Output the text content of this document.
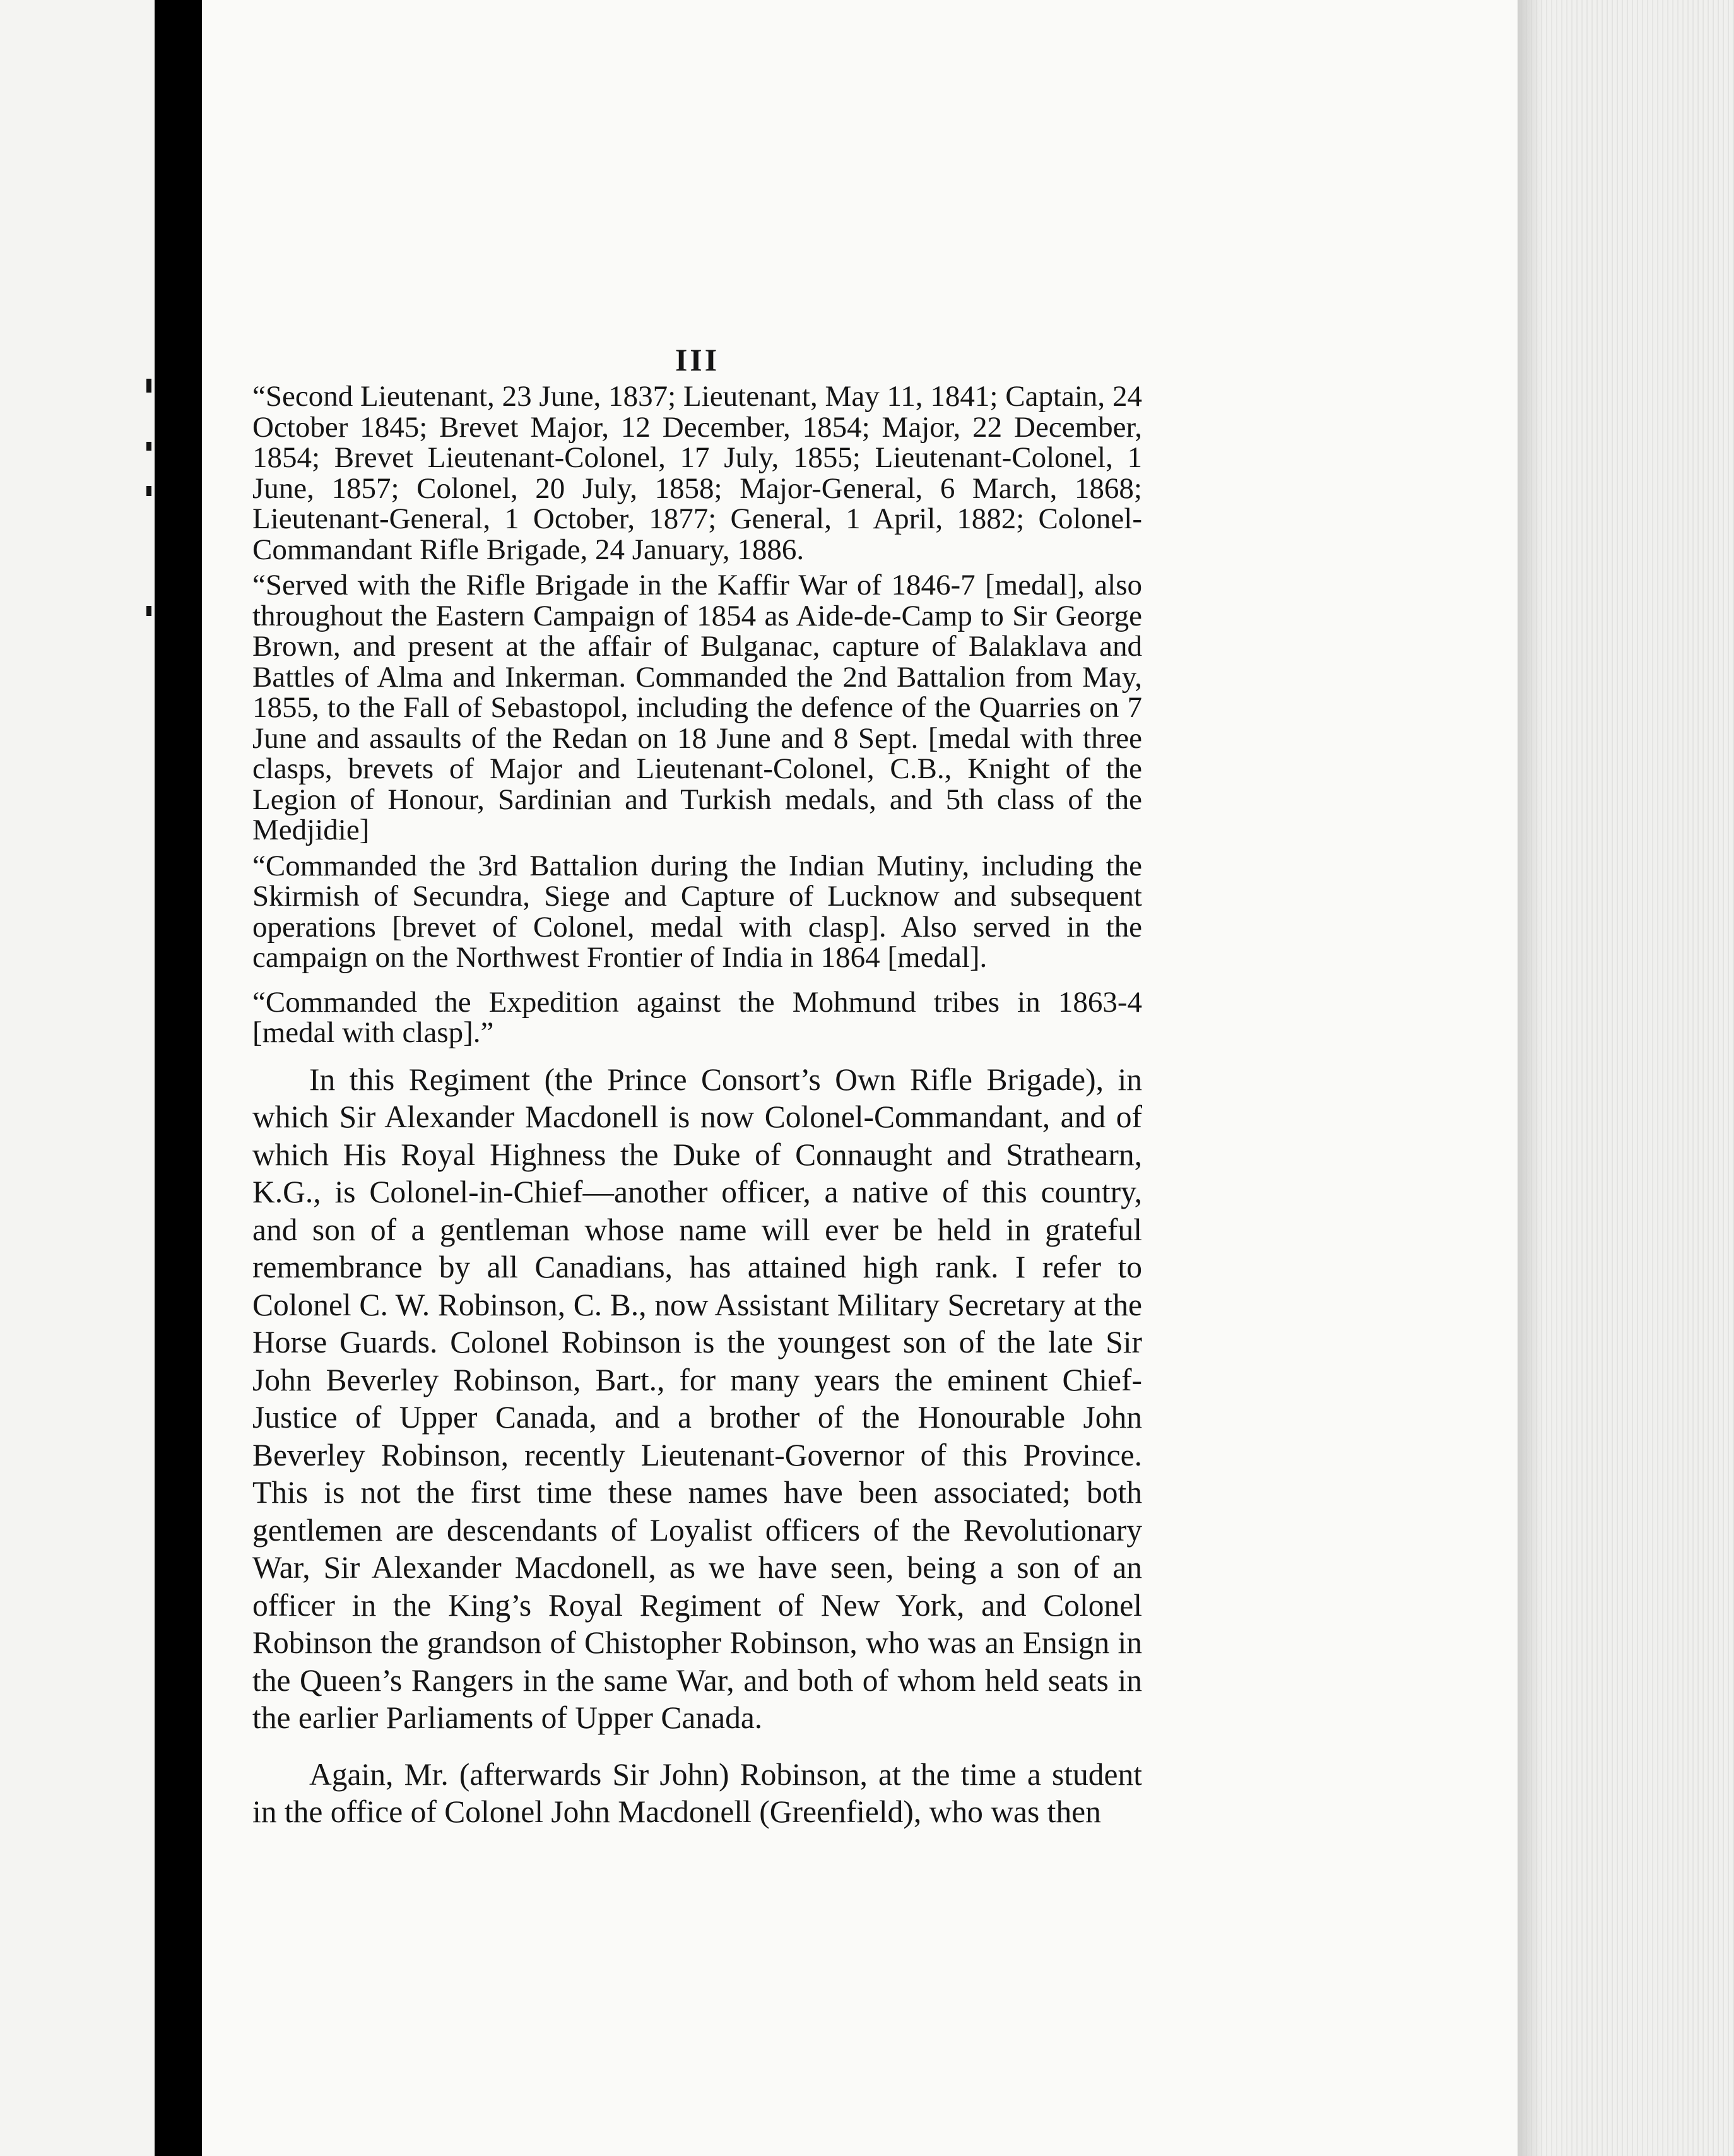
III

“Second Lieutenant, 23 June, 1837; Lieutenant, May 11, 1841; Captain, 24 October 1845; Brevet Major, 12 December, 1854; Major, 22 December, 1854; Brevet Lieutenant-Colonel, 17 July, 1855; Lieutenant-Colonel, 1 June, 1857; Colonel, 20 July, 1858; Major-General, 6 March, 1868; Lieutenant-General, 1 October, 1877; General, 1 April, 1882; Colonel-Commandant Rifle Brigade, 24 January, 1886.

“Served with the Rifle Brigade in the Kaffir War of 1846-7 [medal], also throughout the Eastern Campaign of 1854 as Aide-de-Camp to Sir George Brown, and present at the affair of Bulganac, capture of Balaklava and Battles of Alma and Inkerman. Commanded the 2nd Battalion from May, 1855, to the Fall of Sebastopol, including the defence of the Quarries on 7 June and assaults of the Redan on 18 June and 8 Sept. [medal with three clasps, brevets of Major and Lieutenant-Colonel, C.B., Knight of the Legion of Honour, Sardinian and Turkish medals, and 5th class of the Medjidie]

“Commanded the 3rd Battalion during the Indian Mutiny, including the Skirmish of Secundra, Siege and Capture of Lucknow and subsequent operations [brevet of Colonel, medal with clasp]. Also served in the campaign on the Northwest Frontier of India in 1864 [medal].

“Commanded the Expedition against the Mohmund tribes in 1863-4 [medal with clasp].”

In this Regiment (the Prince Consort’s Own Rifle Brigade), in which Sir Alexander Macdonell is now Colonel-Commandant, and of which His Royal Highness the Duke of Connaught and Strathearn, K.G., is Colonel-in-Chief—another officer, a native of this country, and son of a gentleman whose name will ever be held in grateful remembrance by all Canadians, has attained high rank. I refer to Colonel C. W. Robinson, C. B., now Assistant Military Secretary at the Horse Guards. Colonel Robinson is the youngest son of the late Sir John Beverley Robinson, Bart., for many years the eminent Chief-Justice of Upper Canada, and a brother of the Honourable John Beverley Robinson, recently Lieutenant-Governor of this Province. This is not the first time these names have been associated; both gentlemen are descendants of Loyalist officers of the Revolutionary War, Sir Alexander Macdonell, as we have seen, being a son of an officer in the King’s Royal Regiment of New York, and Colonel Robinson the grandson of Chistopher Robinson, who was an Ensign in the Queen’s Rangers in the same War, and both of whom held seats in the earlier Parliaments of Upper Canada.

Again, Mr. (afterwards Sir John) Robinson, at the time a student in the office of Colonel John Macdonell (Greenfield), who was then
